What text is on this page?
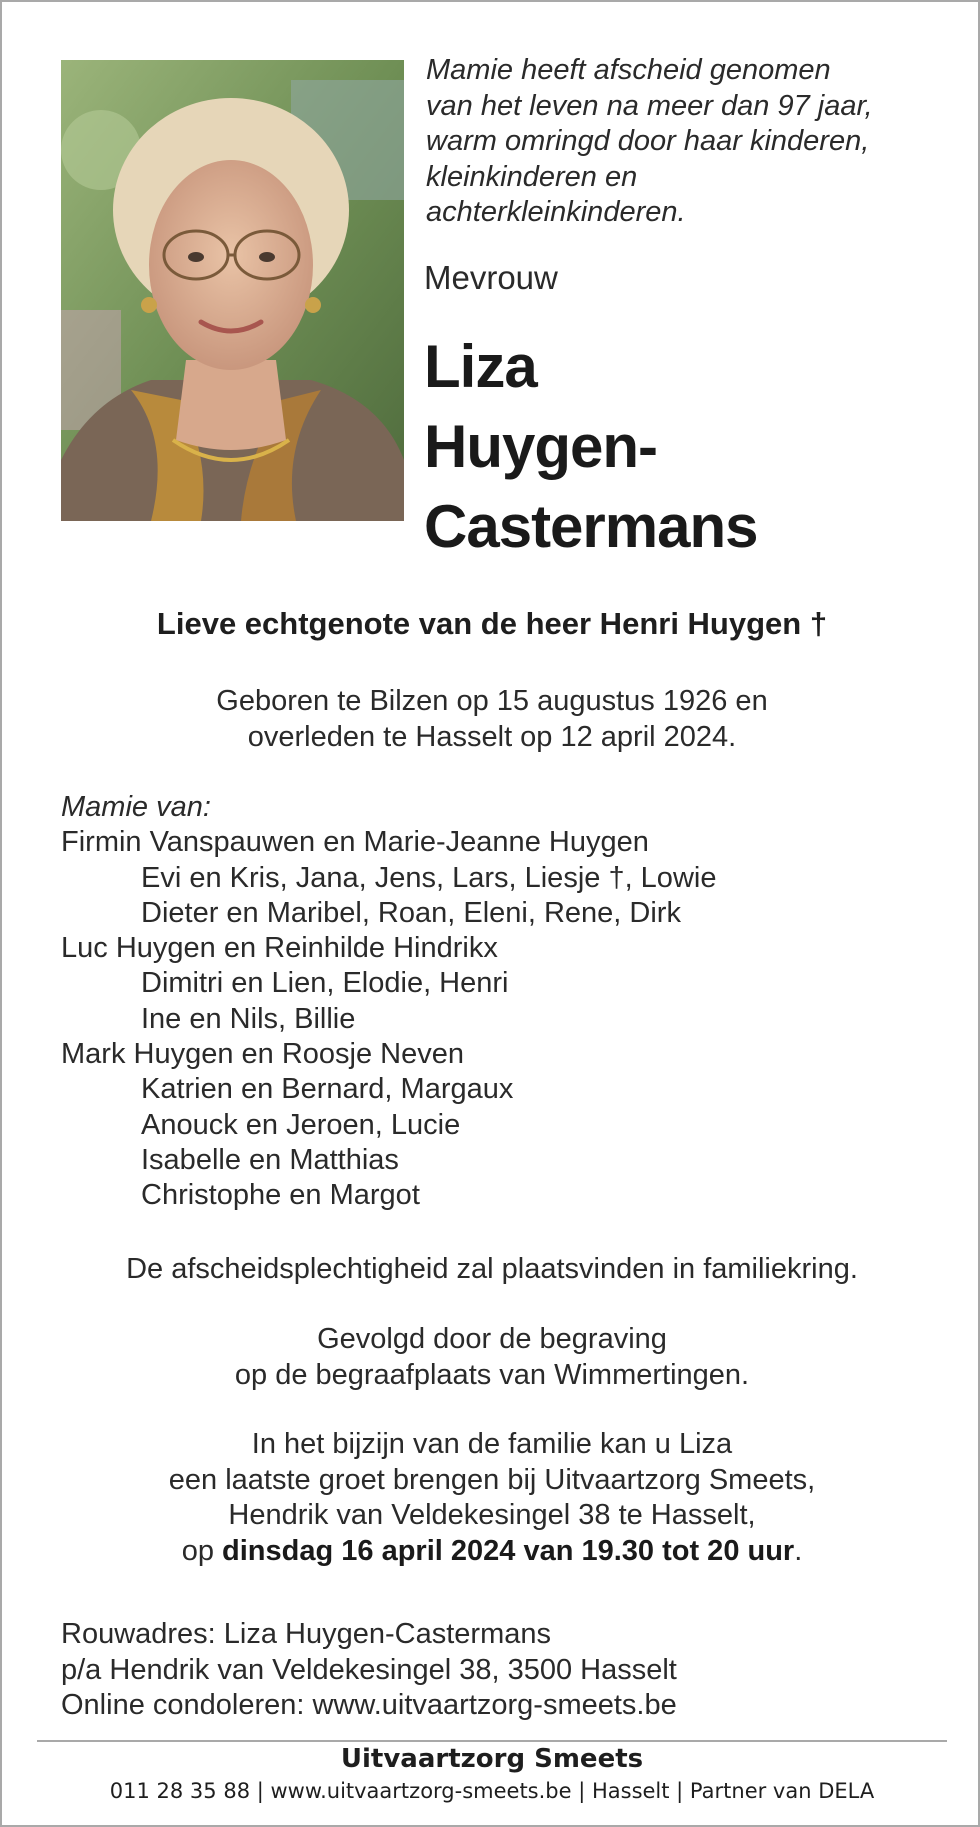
Mamie heeft afscheid genomen

van het leven na meer dan 97 jaar,

warm omringd door haar kinderen,

kleinkinderen en

achterkleinkinderen.

Mevrouw
Liza
Huygen-
Castermans
Lieve echtgenote van de heer Henri Huygen †

Geboren te Bilzen op 15 augustus 1926 en

overleden te Hasselt op 12 april 2024.

Mamie van:
Firmin Vanspauwen en Marie-Jeanne Huygen
Evi en Kris, Jana, Jens, Lars, Liesje †, Lowie
Dieter en Maribel, Roan, Eleni, Rene, Dirk
Luc Huygen en Reinhilde Hindrikx
Dimitri en Lien, Elodie, Henri
Ine en Nils, Billie
Mark Huygen en Roosje Neven
Katrien en Bernard, Margaux
Anouck en Jeroen, Lucie
Isabelle en Matthias
Christophe en Margot

De afscheidsplechtigheid zal plaatsvinden in familiekring.

Gevolgd door de begraving

op de begraafplaats van Wimmertingen.

In het bijzijn van de familie kan u Liza

een laatste groet brengen bij Uitvaartzorg Smeets,

Hendrik van Veldekesingel 38 te Hasselt,

op dinsdag 16 april 2024 van 19.30 tot 20 uur.

Rouwadres: Liza Huygen-Castermans

p/a Hendrik van Veldekesingel 38, 3500 Hasselt

Online condoleren: www.uitvaartzorg-smeets.be

Uitvaartzorg Smeets
011 28 35 88 | www.uitvaartzorg-smeets.be | Hasselt | Partner van DELA
